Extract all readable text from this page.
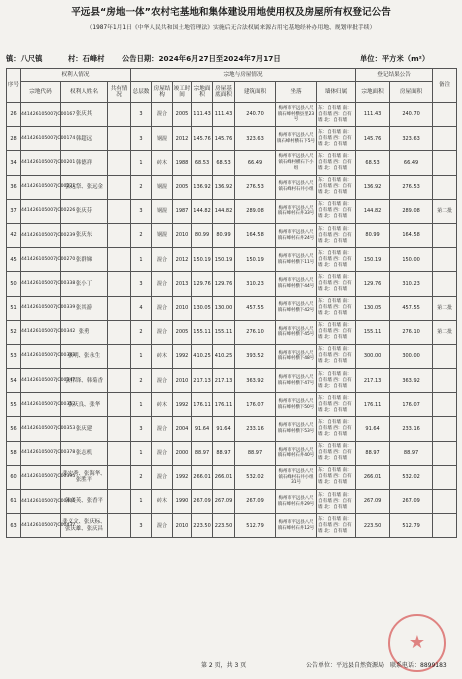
平远县“房地一体”农村宅基地和集体建设用地使用权及房屋所有权登记公告
（1987年1月1日《中华人民共和国土地管理法》实施后无合法权属来源占用宅基地经补办用地、规划审批手续）
镇：八尺镇	村：石峰村 公告日期：2024年6月27日至2024年7月17日	单位：平方米（m²）
序号	权利人情况			宗地与房屋情况								登记结果公告		备注
	宗地代码	权利人姓名	共有情况	总层数	房屋结构	竣工时间	宗地面积	房屋基底面积	建筑面积	坐落	墙体归属	宗地面积	房屋面积	
26	441426105007JC00167	张庆其		3	混合	2005	111.43	111.43	240.70	梅州市平远县八尺镇石峰村横县里23号	东：自有墙 南：自有墙 西：自有墙 北：自有墙	111.43	240.70	
28	441426105007JC00174	韩超远		3	钢混	2012	145.76	145.76	323.63	梅州市平远县八尺镇石峰村横石下5号	东：自有墙 南：自有墙 西：自有墙 北：自有墙	145.76	323.63	
34	441426105007JC00201	韩德祥		1	砖木	1988	68.53	68.53	66.49	梅州市平远县八尺镇石峰村横石下小组	东：自有墙 南：自有墙 西：自有墙 北：自有墙	68.53	66.49	
36	441426105007JC00221	张远祭、张远金		2	钢混	2005	136.92	136.92	276.53	梅州市平远县八尺镇石峰村石井小组	东：自有墙 南：自有墙 西：自有墙 北：自有墙	136.92	276.53	
37	441426105007JC00226	张庆芬		3	钢混	1987	144.82	144.82	289.08	梅州市平远县八尺镇石峰村石井33号	东：自有墙 南：自有墙 西：自有墙 北：自有墙	144.82	289.08	第二批
42	441426105007JC00239	张庆东		2	钢混	2010	80.99	80.99	164.58	梅州市平远县八尺镇石峰村石井24号	东：自有墙 南：自有墙 西：自有墙 北：自有墙	80.99	164.58	
45	441426105007JC00270	张群娣		1	混合	2012	150.19	150.19	150.19	梅州市平远县八尺镇石峰村横下11号	东：自有墙 南：自有墙 西：自有墙 北：自有墙	150.19	150.00	
50	441426105007JC00338	张小丁		3	混合	2013	129.76	129.76	310.23	梅州市平远县八尺镇石峰村横下44号	东：自有墙 南：自有墙 西：自有墙 北：自有墙	129.76	310.23	
51	441426105007JC00339	张其游		4	混合	2010	130.05	130.00	457.55	梅州市平远县八尺镇石峰村横下42号	东：自有墙 南：自有墙 西：自有墙 北：自有墙	130.05	457.55	第二批
52	441426105007JC00342	张勇		2	混合	2005	155.11	155.11	276.10	梅州市平远县八尺镇石峰村横下45号	东：自有墙 南：自有墙 西：自有墙 北：自有墙	155.11	276.10	第二批
53	441426105007JC00343	张明、张永生		1	砖木	1992	410.25	410.25	393.52	梅州市平远县八尺镇石峰村横下48号	东：自有墙 南：自有墙 西：自有墙 北：自有墙	300.00	300.00	
54	441426105007JC00347	张伟锋、韩菊香		2	混合	2010	217.13	217.13	363.92	梅州市平远县八尺镇石峰村横下47号	东：自有墙 南：自有墙 西：自有墙 北：自有墙	217.13	363.92	
55	441426105007JC00352	张庆良、张华		1	砖木	1992	176.11	176.11	176.07	梅州市平远县八尺镇石峰村横下50号	东：自有墙 南：自有墙 西：自有墙 北：自有墙	176.11	176.07	
56	441426105007JC00353	张庆建		3	混合	2004	91.64	91.64	233.16	梅州市平远县八尺镇石峰村横下53号	东：自有墙 南：自有墙 西：自有墙 北：自有墙	91.64	233.16	
58	441426105007JC00378	张志机		1	混合	2000	88.97	88.97	88.97	梅州市平远县八尺镇石峰村石井40号	东：自有墙 南：自有墙 西：自有墙 北：自有墙	88.97	88.97	
60	441426105007JC00395	张宏秀、张海华、张胜平		2	混合	1992	266.01	266.01	532.02	梅州市平远县八尺镇石峰村石井小组31号	东：自有墙 南：自有墙 西：自有墙 北：自有墙	266.01	532.02	
61	441426105007JC00406	韩美英、张香平		1	砖木	1990	267.09	267.09	267.09	梅州市平远县八尺镇石峰村石井29号	东：自有墙 南：自有墙 西：自有墙 北：自有墙	267.09	267.09	
63	441426105007JC00437	张义文、张庆标、张庆雄、张庆昌		3	混合	2010	223.50	223.50	512.79	梅州市平远县八尺镇石峰村石井12号	东：自有墙 南：自有墙 西：自有墙 北：自有墙	223.50	512.79	
★
第 2 页，共 3 页	公告单位：平远县自然资源局　联系电话：8899183
